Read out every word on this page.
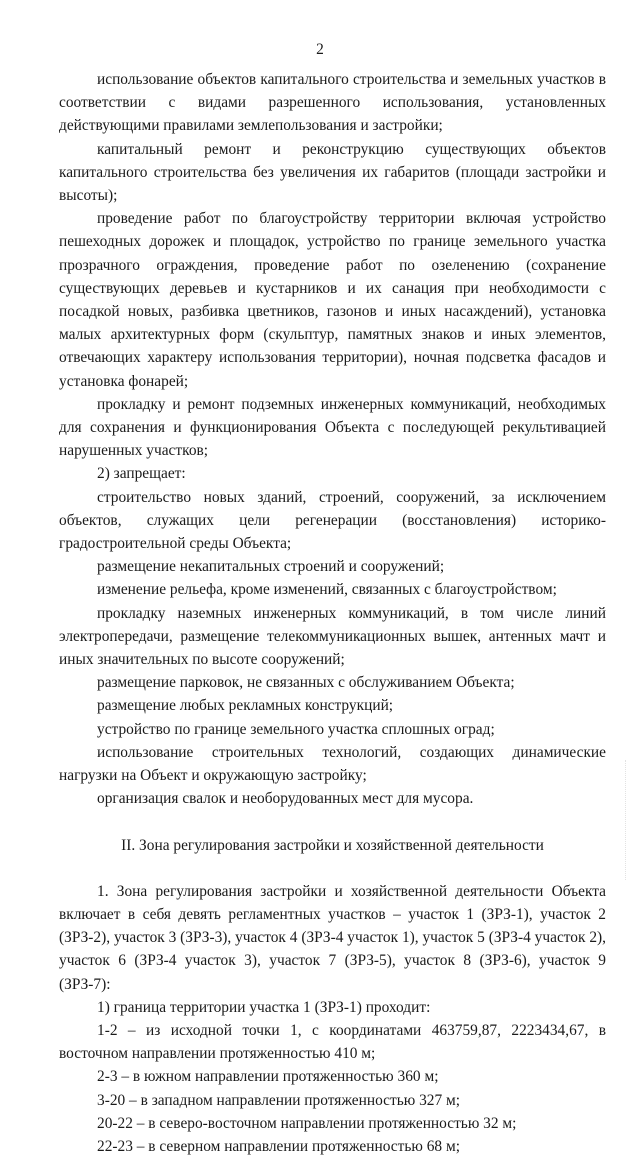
2

использование объектов капитального строительства и земельных участков в соответствии с видами разрешенного использования, установленных действующими правилами землепользования и застройки;

капитальный ремонт и реконструкцию существующих объектов капитального строительства без увеличения их габаритов (площади застройки и высоты);

проведение работ по благоустройству территории включая устройство пешеходных дорожек и площадок, устройство по границе земельного участка прозрачного ограждения, проведение работ по озеленению (сохранение существующих деревьев и кустарников и их санация при необходимости с посадкой новых, разбивка цветников, газонов и иных насаждений), установка малых архитектурных форм (скульптур, памятных знаков и иных элементов, отвечающих характеру использования территории), ночная подсветка фасадов и установка фонарей;

прокладку и ремонт подземных инженерных коммуникаций, необходимых для сохранения и функционирования Объекта с последующей рекультивацией нарушенных участков;

2) запрещает:

строительство новых зданий, строений, сооружений, за исключением объектов, служащих цели регенерации (восстановления) историко-градостроительной среды Объекта;

размещение некапитальных строений и сооружений;

изменение рельефа, кроме изменений, связанных с благоустройством;

прокладку наземных инженерных коммуникаций, в том числе линий электропередачи, размещение телекоммуникационных вышек, антенных мачт и иных значительных по высоте сооружений;

размещение парковок, не связанных с обслуживанием Объекта;

размещение любых рекламных конструкций;

устройство по границе земельного участка сплошных оград;

использование строительных технологий, создающих динамические нагрузки на Объект и окружающую застройку;

организация свалок и необорудованных мест для мусора.

II. Зона регулирования застройки и хозяйственной деятельности

1. Зона регулирования застройки и хозяйственной деятельности Объекта включает в себя девять регламентных участков – участок 1 (ЗРЗ-1), участок 2 (ЗРЗ-2), участок 3 (ЗРЗ-3), участок 4 (ЗРЗ-4 участок 1), участок 5 (ЗРЗ-4 участок 2), участок 6 (ЗРЗ-4 участок 3), участок 7 (ЗРЗ-5), участок 8 (ЗРЗ-6), участок 9 (ЗРЗ-7):

1) граница территории участка 1 (ЗРЗ-1) проходит:

1-2 – из исходной точки 1, с координатами 463759,87, 2223434,67, в восточном направлении протяженностью 410 м;

2-3 – в южном направлении протяженностью 360 м;

3-20 – в западном направлении протяженностью 327 м;

20-22 – в северо-восточном направлении протяженностью 32 м;

22-23 – в северном направлении протяженностью 68 м;
